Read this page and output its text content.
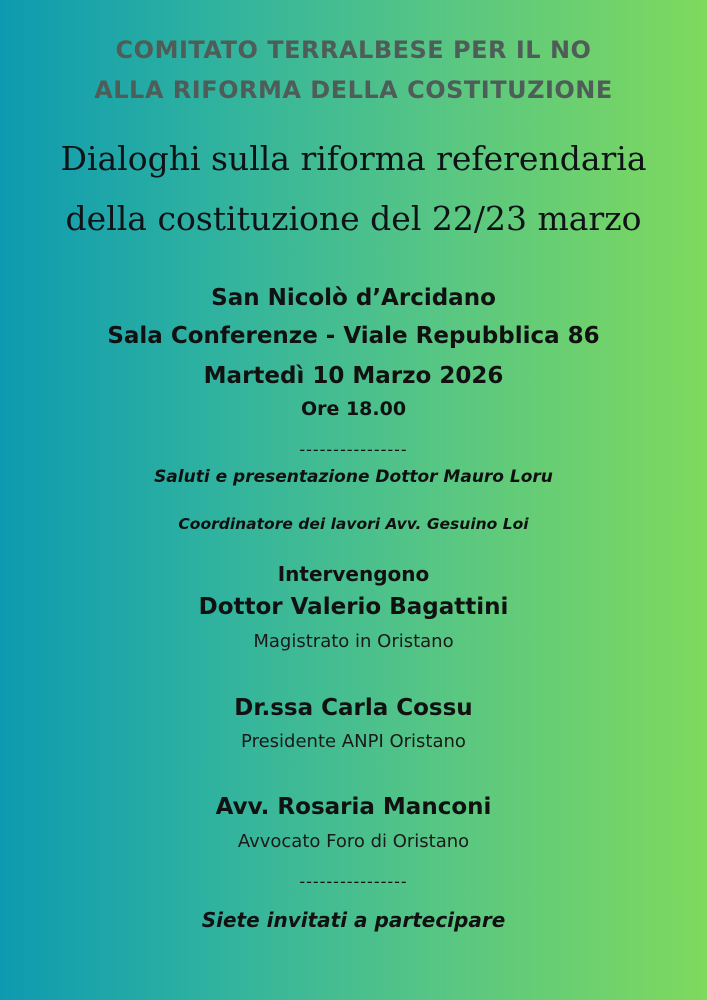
COMITATO TERRALBESE PER IL NO

ALLA RIFORMA DELLA COSTITUZIONE

Dialoghi sulla riforma referendaria

della costituzione del 22/23 marzo

San Nicolò d’Arcidano

Sala Conferenze - Viale Repubblica 86

Martedì 10 Marzo 2026

Ore 18.00

----------------

Saluti e presentazione Dottor Mauro Loru

Coordinatore dei lavori Avv. Gesuino Loi

Intervengono

Dottor Valerio Bagattini

Magistrato in Oristano

Dr.ssa Carla Cossu

Presidente ANPI Oristano

Avv. Rosaria Manconi

Avvocato Foro di Oristano

----------------

Siete invitati a partecipare
